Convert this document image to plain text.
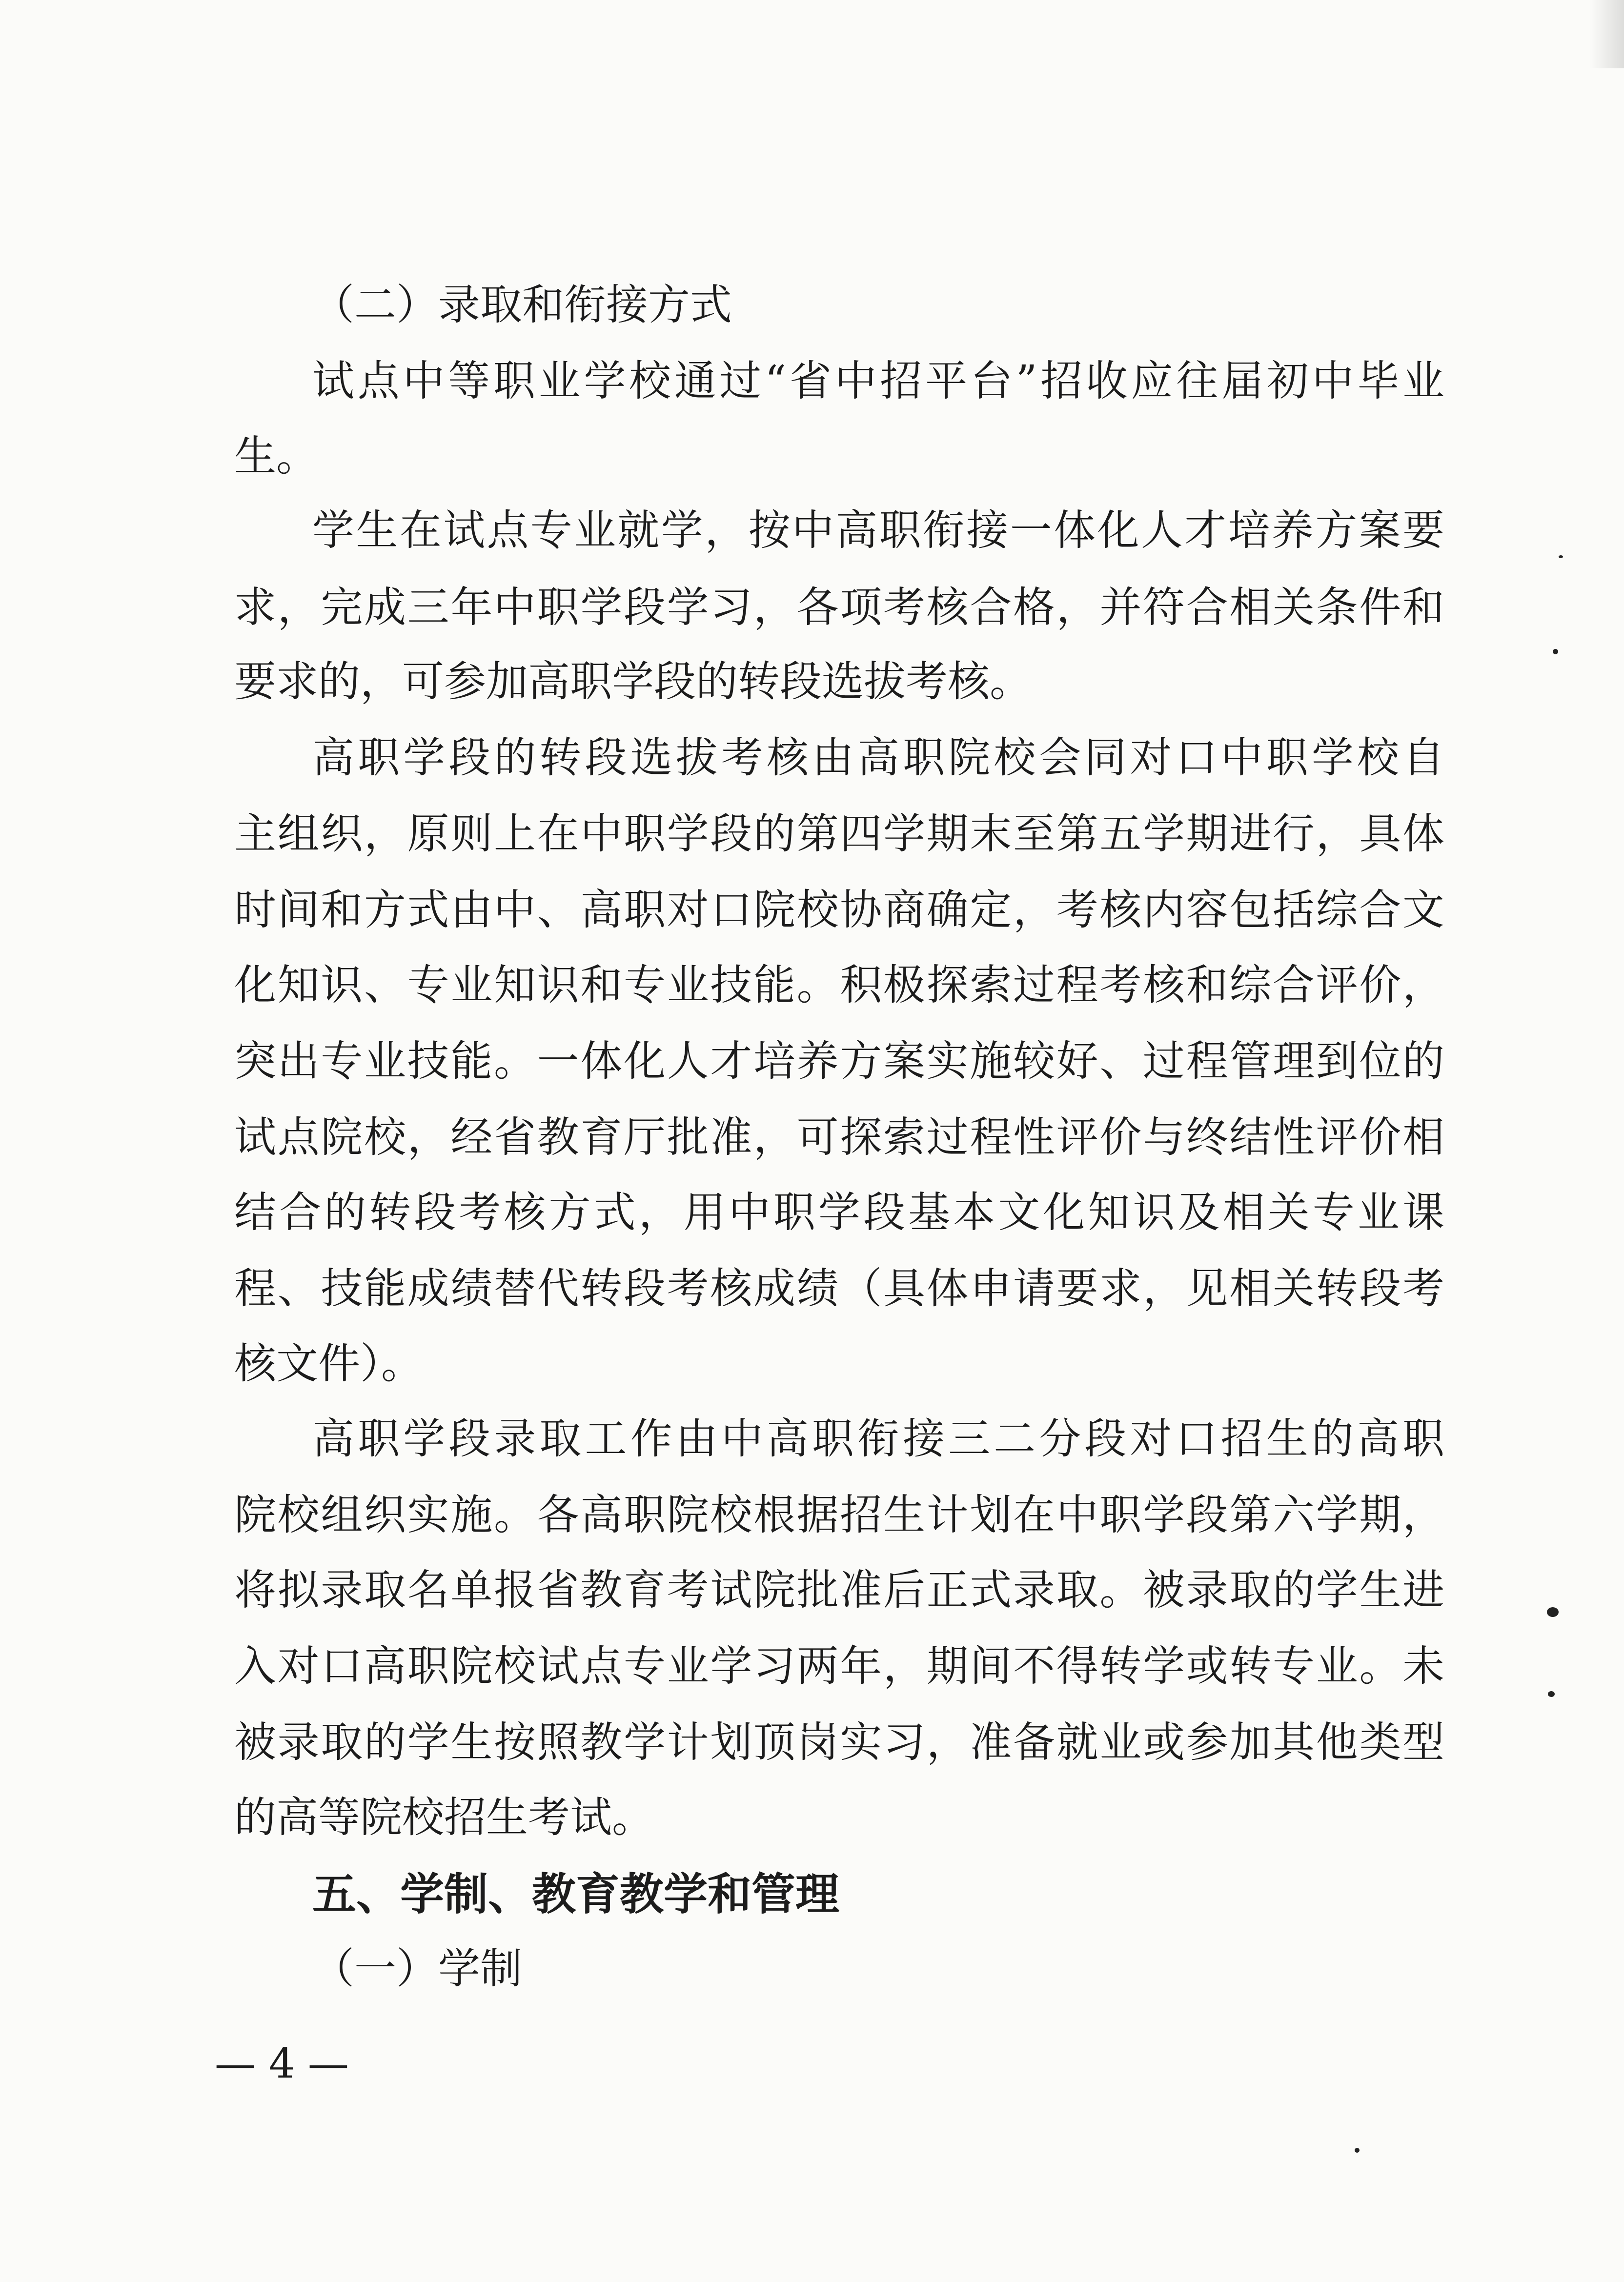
（二）录取和衔接方式
试点中等职业学校通过“省中招平台”招收应往届初中毕业
生。
学生在试点专业就学，按中高职衔接一体化人才培养方案要
求，完成三年中职学段学习，各项考核合格，并符合相关条件和
要求的，可参加高职学段的转段选拔考核。
高职学段的转段选拔考核由高职院校会同对口中职学校自
主组织，原则上在中职学段的第四学期末至第五学期进行，具体
时间和方式由中、高职对口院校协商确定，考核内容包括综合文
化知识、专业知识和专业技能。积极探索过程考核和综合评价，
突出专业技能。一体化人才培养方案实施较好、过程管理到位的
试点院校，经省教育厅批准，可探索过程性评价与终结性评价相
结合的转段考核方式，用中职学段基本文化知识及相关专业课
程、技能成绩替代转段考核成绩（具体申请要求，见相关转段考
核文件）。
高职学段录取工作由中高职衔接三二分段对口招生的高职
院校组织实施。各高职院校根据招生计划在中职学段第六学期，
将拟录取名单报省教育考试院批准后正式录取。被录取的学生进
入对口高职院校试点专业学习两年，期间不得转学或转专业。未
被录取的学生按照教学计划顶岗实习，准备就业或参加其他类型
的高等院校招生考试。
五、学制、教育教学和管理
（一）学制
— 4 —
